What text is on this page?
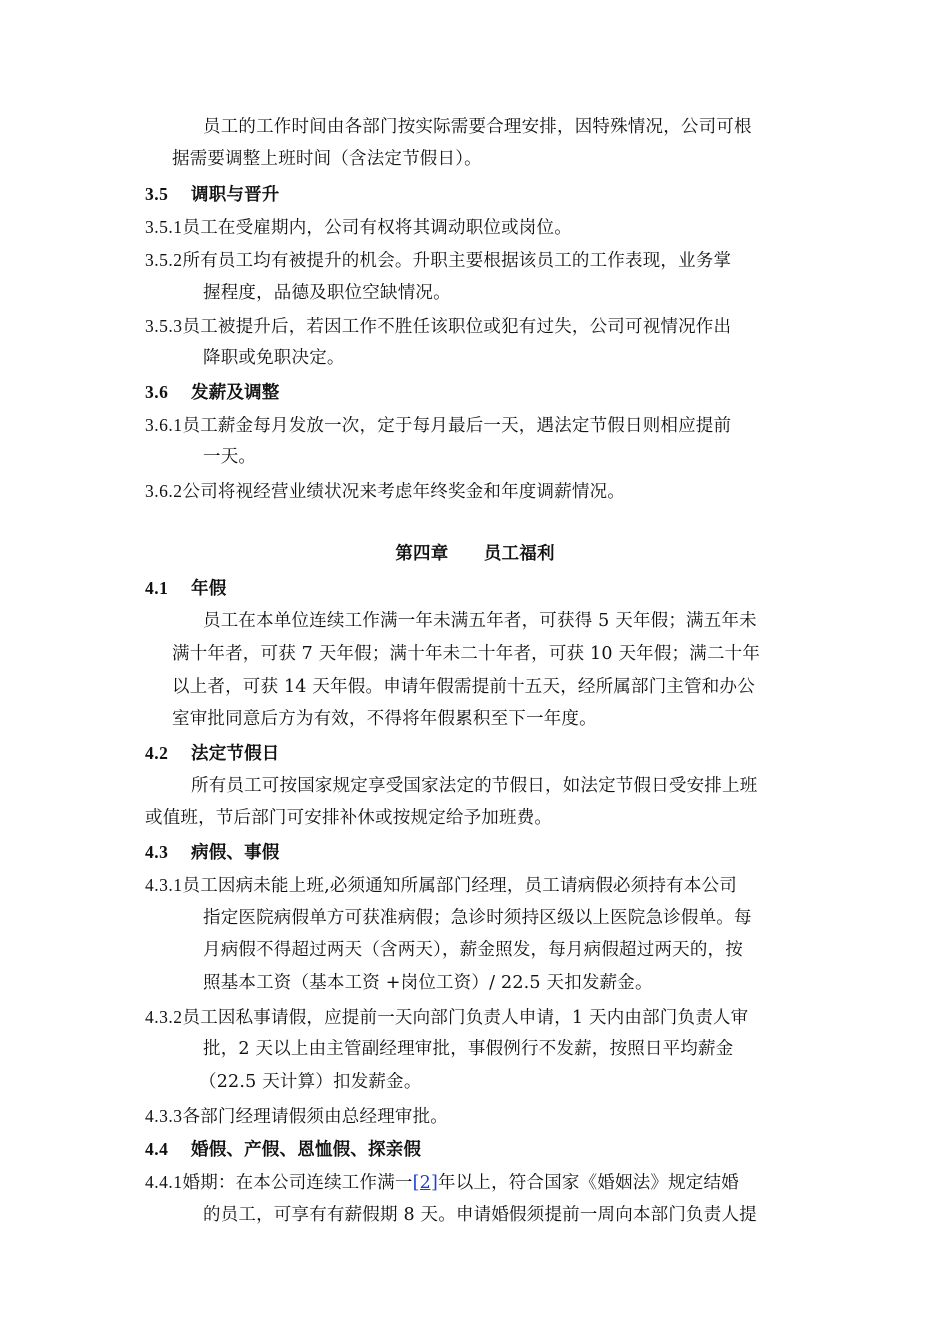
员工的工作时间由各部门按实际需要合理安排，因特殊情况，公司可根
据需要调整上班时间（含法定节假日）。
3.5 调职与晋升
3.5.1员工在受雇期内，公司有权将其调动职位或岗位。
3.5.2所有员工均有被提升的机会。升职主要根据该员工的工作表现，业务掌
握程度，品德及职位空缺情况。
3.5.3员工被提升后，若因工作不胜任该职位或犯有过失，公司可视情况作出
降职或免职决定。
3.6 发薪及调整
3.6.1员工薪金每月发放一次，定于每月最后一天，遇法定节假日则相应提前
一天。
3.6.2公司将视经营业绩状况来考虑年终奖金和年度调薪情况。
第四章　　员工福利
4.1 年假
员工在本单位连续工作满一年未满五年者，可获得 5 天年假；满五年未
满十年者，可获 7 天年假；满十年未二十年者，可获 10 天年假；满二十年
以上者，可获 14 天年假。申请年假需提前十五天，经所属部门主管和办公
室审批同意后方为有效，不得将年假累积至下一年度。
4.2 法定节假日
所有员工可按国家规定享受国家法定的节假日，如法定节假日受安排上班
或值班，节后部门可安排补休或按规定给予加班费。
4.3 病假、事假
4.3.1员工因病未能上班,必须通知所属部门经理，员工请病假必须持有本公司
指定医院病假单方可获准病假；急诊时须持区级以上医院急诊假单。每
月病假不得超过两天（含两天），薪金照发，每月病假超过两天的，按
照基本工资（基本工资 +岗位工资）/ 22.5 天扣发薪金。
4.3.2员工因私事请假，应提前一天向部门负责人申请，1 天内由部门负责人审
批，2 天以上由主管副经理审批，事假例行不发薪，按照日平均薪金
（22.5 天计算）扣发薪金。
4.3.3各部门经理请假须由总经理审批。
4.4 婚假、产假、恩恤假、探亲假
4.4.1婚期：在本公司连续工作满一[2]年以上，符合国家《婚姻法》规定结婚
的员工，可享有有薪假期 8 天。申请婚假须提前一周向本部门负责人提
